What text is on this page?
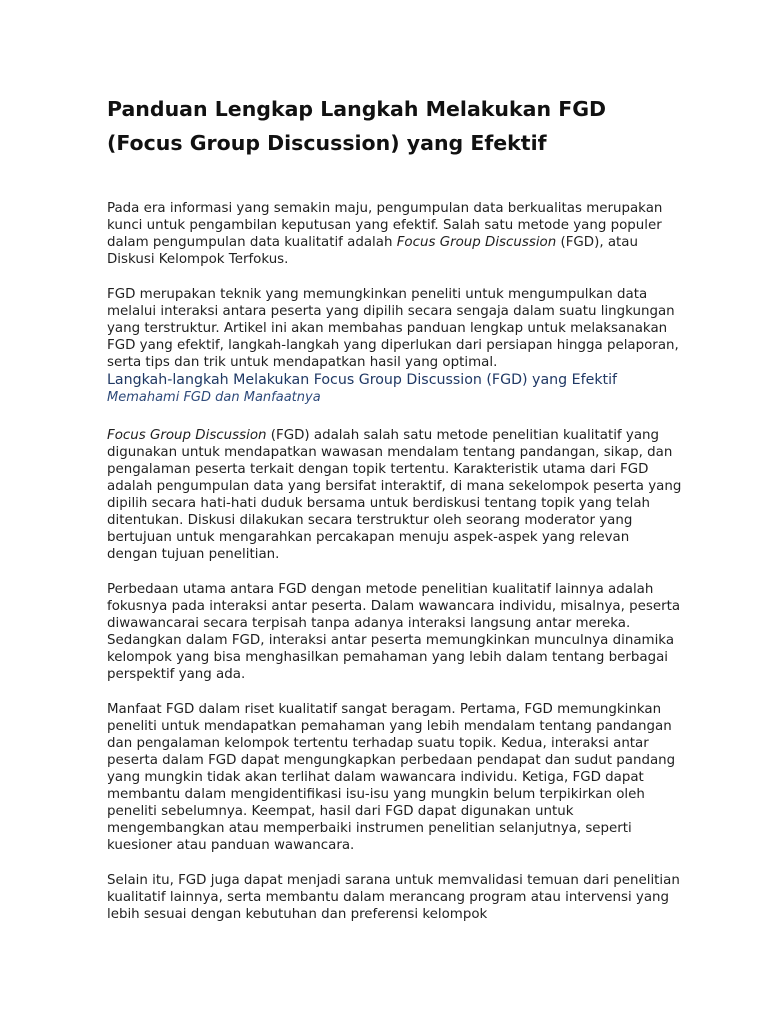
Panduan Lengkap Langkah Melakukan FGD (Focus Group Discussion) yang Efektif

Pada era informasi yang semakin maju, pengumpulan data berkualitas merupakan kunci untuk pengambilan keputusan yang efektif. Salah satu metode yang populer dalam pengumpulan data kualitatif adalah Focus Group Discussion (FGD), atau Diskusi Kelompok Terfokus.

FGD merupakan teknik yang memungkinkan peneliti untuk mengumpulkan data melalui interaksi antara peserta yang dipilih secara sengaja dalam suatu lingkungan yang terstruktur. Artikel ini akan membahas panduan lengkap untuk melaksanakan FGD yang efektif, langkah-langkah yang diperlukan dari persiapan hingga pelaporan, serta tips dan trik untuk mendapatkan hasil yang optimal.

Langkah-langkah Melakukan Focus Group Discussion (FGD) yang Efektif
Memahami FGD dan Manfaatnya

Focus Group Discussion (FGD) adalah salah satu metode penelitian kualitatif yang digunakan untuk mendapatkan wawasan mendalam tentang pandangan, sikap, dan pengalaman peserta terkait dengan topik tertentu. Karakteristik utama dari FGD adalah pengumpulan data yang bersifat interaktif, di mana sekelompok peserta yang dipilih secara hati-hati duduk bersama untuk berdiskusi tentang topik yang telah ditentukan. Diskusi dilakukan secara terstruktur oleh seorang moderator yang bertujuan untuk mengarahkan percakapan menuju aspek-aspek yang relevan dengan tujuan penelitian.

Perbedaan utama antara FGD dengan metode penelitian kualitatif lainnya adalah fokusnya pada interaksi antar peserta. Dalam wawancara individu, misalnya, peserta diwawancarai secara terpisah tanpa adanya interaksi langsung antar mereka. Sedangkan dalam FGD, interaksi antar peserta memungkinkan munculnya dinamika kelompok yang bisa menghasilkan pemahaman yang lebih dalam tentang berbagai perspektif yang ada.

Manfaat FGD dalam riset kualitatif sangat beragam. Pertama, FGD memungkinkan peneliti untuk mendapatkan pemahaman yang lebih mendalam tentang pandangan dan pengalaman kelompok tertentu terhadap suatu topik. Kedua, interaksi antar peserta dalam FGD dapat mengungkapkan perbedaan pendapat dan sudut pandang yang mungkin tidak akan terlihat dalam wawancara individu. Ketiga, FGD dapat membantu dalam mengidentifikasi isu-isu yang mungkin belum terpikirkan oleh peneliti sebelumnya. Keempat, hasil dari FGD dapat digunakan untuk mengembangkan atau memperbaiki instrumen penelitian selanjutnya, seperti kuesioner atau panduan wawancara.

Selain itu, FGD juga dapat menjadi sarana untuk memvalidasi temuan dari penelitian kualitatif lainnya, serta membantu dalam merancang program atau intervensi yang lebih sesuai dengan kebutuhan dan preferensi kelompok
